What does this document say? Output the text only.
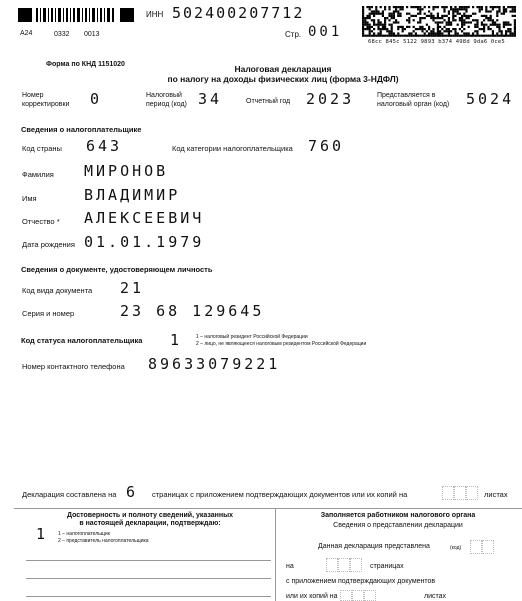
A24	0332 0013
ИНН 502400207712
Стр. 001
68cc 845c 5122 9893 b374 498d 9da6 0ce5
Форма по КНД 1151020	Налоговая декларация
по налогу на доходы физических лиц (форма 3-НДФЛ)
Номер корректировки	0	Налоговый период (код) 34	Отчетный год 2023	Представляется в налоговый орган (код)	5024
Сведения о налогоплательщике
Код страны 643	Код категории налогоплательщика 760
Фамилия МИРОНОВ
Имя	ВЛАДИМИР
Отчество * АЛЕКСЕЕВИЧ
Дата рождения 01.01.1979
Сведения о документе, удостоверяющем личность
Код вида документа 21
Серия и номер	23 68 129645
Код статуса налогоплательщика 1	1 – налоговый резидент Российской Федерации
2 – лицо, не являющееся налоговым резидентом Российской Федерации
Номер контактного телефона 89633079221
Декларация составлена на 6 страницах с приложением подтверждающих документов или их копий на	листах
Достоверность и полноту сведений, указанных
в настоящей декларации, подтверждаю:
1 1 – налогоплательщик
2 – представитель налогоплательщика
Заполняется работником налогового органа
Сведения о представлении декларации
Данная декларация представлена	(код)
на	страницах
с приложением подтверждающих документов
или их копий на	листах
